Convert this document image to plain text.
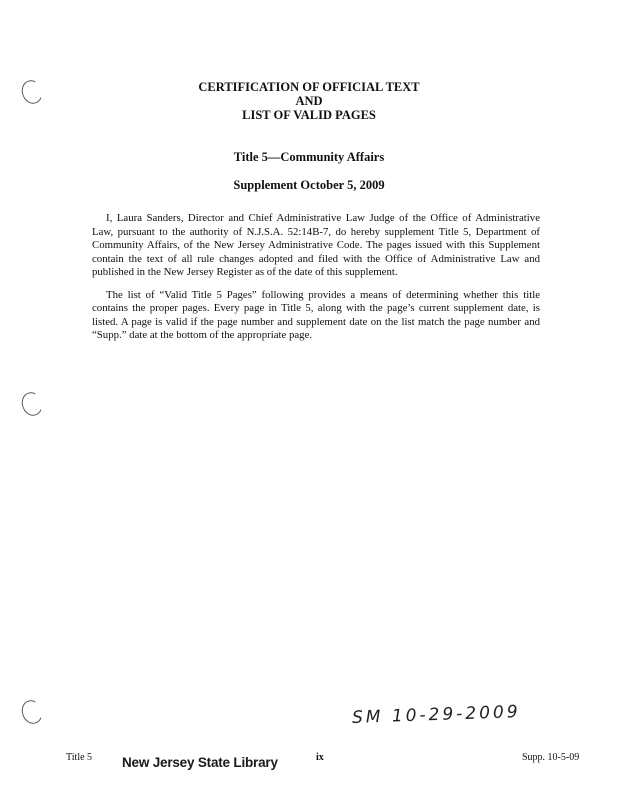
CERTIFICATION OF OFFICIAL TEXT
AND
LIST OF VALID PAGES
Title 5—Community Affairs
Supplement October 5, 2009

I, Laura Sanders, Director and Chief Administrative Law Judge of the Office of Administrative Law, pursuant to the authority of N.J.S.A. 52:14B-7, do hereby supplement Title 5, Department of Community Affairs, of the New Jersey Administrative Code. The pages issued with this Supplement contain the text of all rule changes adopted and filed with the Office of Administrative Law and published in the New Jersey Register as of the date of this supplement.

The list of “Valid Title 5 Pages” following provides a means of determining whether this title contains the proper pages. Every page in Title 5, along with the page’s current supplement date, is listed. A page is valid if the page number and supplement date on the list match the page number and “Supp.” date at the bottom of the appropriate page.

SM 10-29-2009
Title 5 New Jersey State Library	ix	Supp. 10-5-09
